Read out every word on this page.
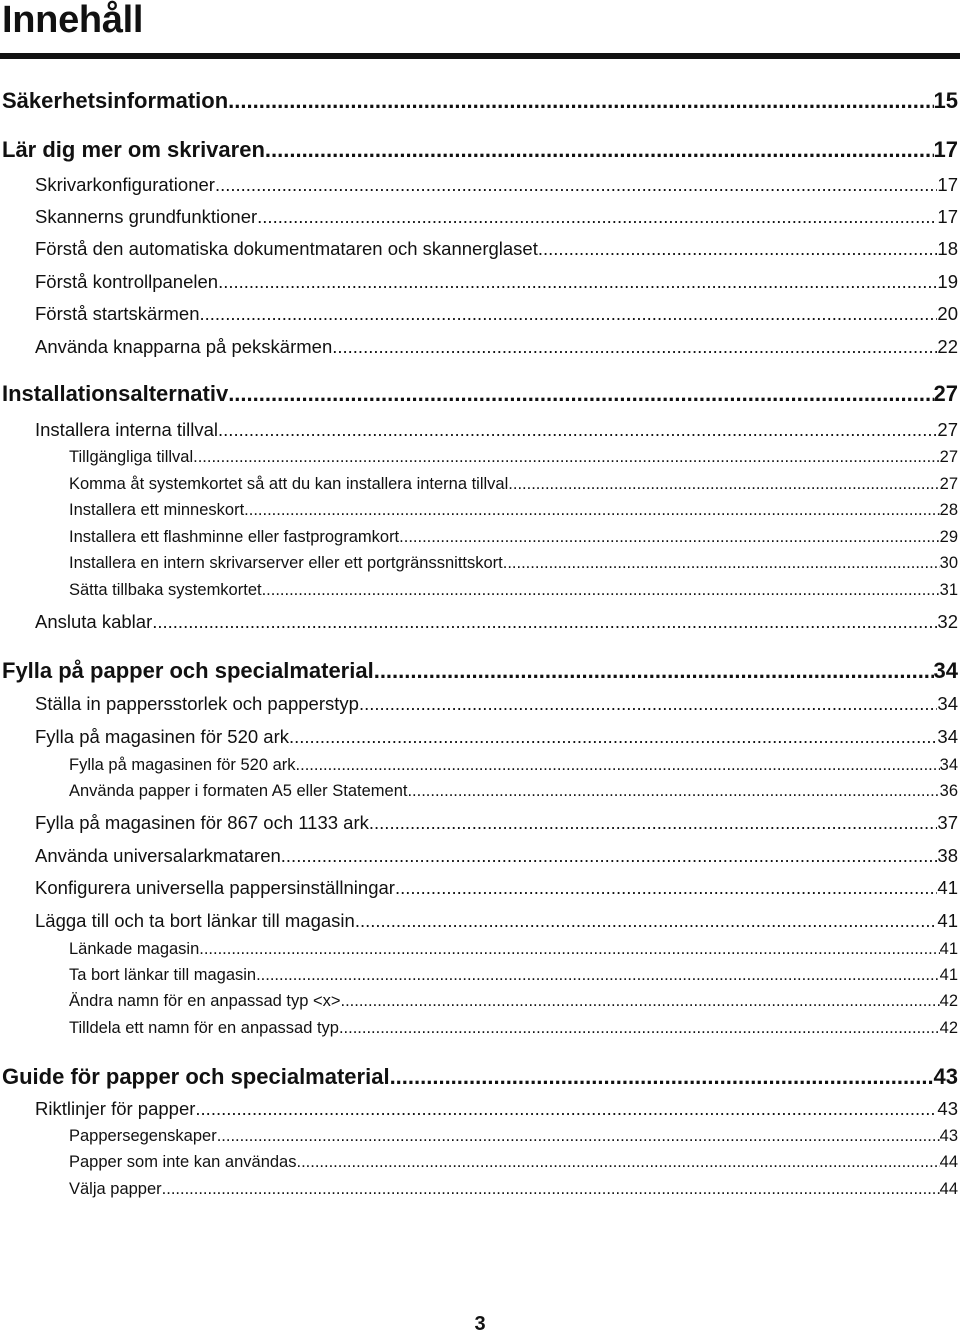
Innehåll
Säkerhetsinformation .....	15
Lär dig mer om skrivaren .....	17
Skrivarkonfigurationer .....	17
Skannerns grundfunktioner .....	17
Förstå den automatiska dokumentmataren och skannerglaset .....	18
Förstå kontrollpanelen .....	19
Förstå startskärmen .....	20
Använda knapparna på pekskärmen .....	22
Installationsalternativ .....	27
Installera interna tillval .....	27
Tillgängliga tillval .....	27
Komma åt systemkortet så att du kan installera interna tillval .....	27
Installera ett minneskort .....	28
Installera ett flashminne eller fastprogramkort .....	29
Installera en intern skrivarserver eller ett portgränssnittskort .....	30
Sätta tillbaka systemkortet .....	31
Ansluta kablar .....	32
Fylla på papper och specialmaterial .....	34
Ställa in pappersstorlek och papperstyp .....	34
Fylla på magasinen för 520 ark .....	34
Fylla på magasinen för 520 ark .....	34
Använda papper i formaten A5 eller Statement .....	36
Fylla på magasinen för 867 och 1133 ark .....	37
Använda universalarkmataren .....	38
Konfigurera universella pappersinställningar .....	41
Lägga till och ta bort länkar till magasin .....	41
Länkade magasin .....	41
Ta bort länkar till magasin .....	41
Ändra namn för en anpassad typ <x> .....	42
Tilldela ett namn för en anpassad typ .....	42
Guide för papper och specialmaterial .....	43
Riktlinjer för papper .....	43
Pappersegenskaper .....	43
Papper som inte kan användas .....	44
Välja papper .....	44
3
